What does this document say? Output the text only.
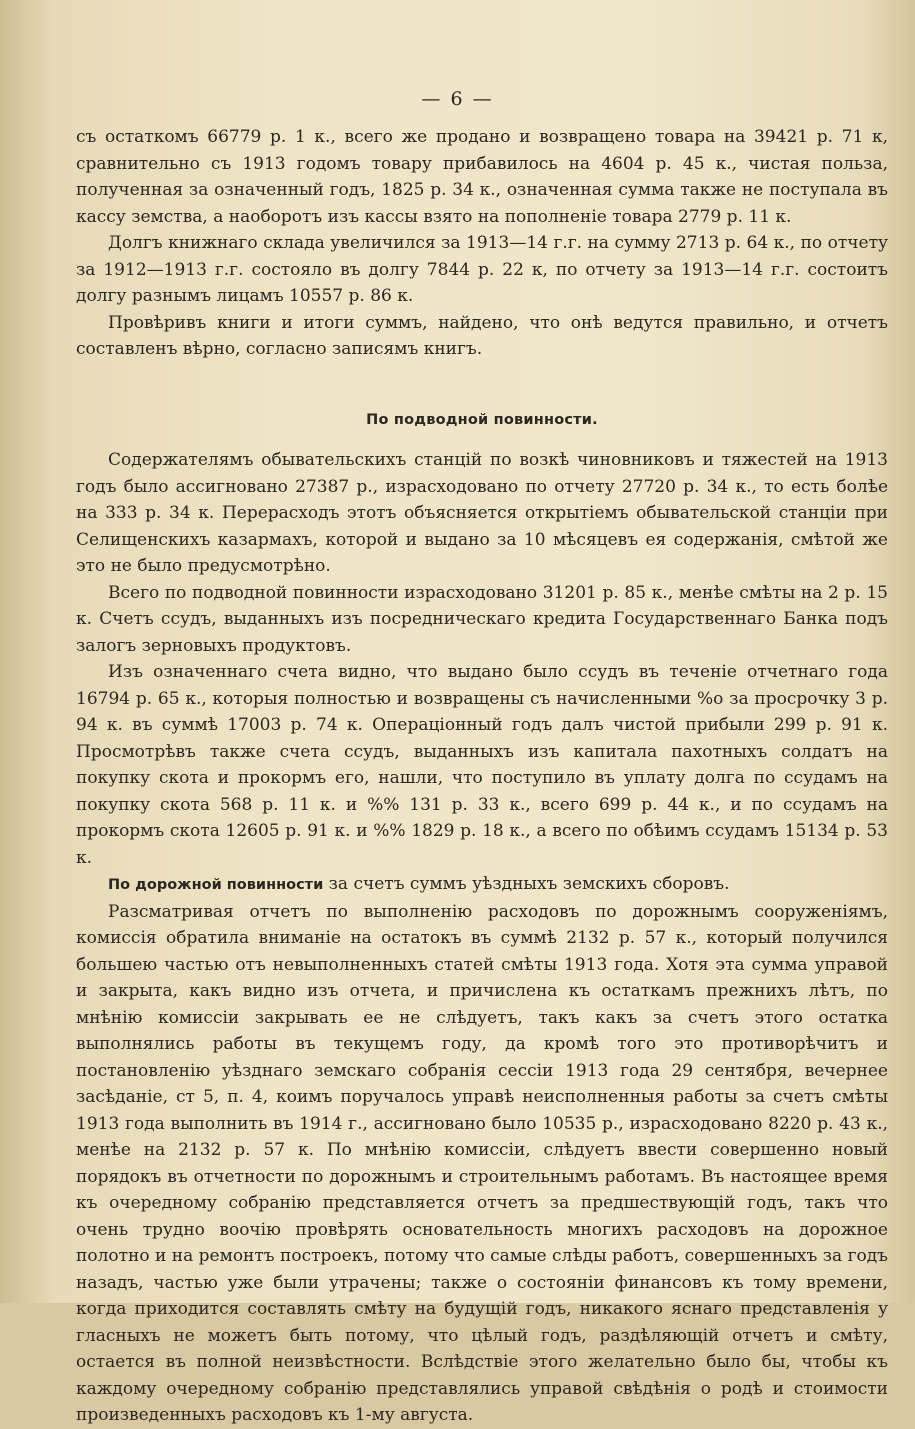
— 6 —

съ остаткомъ 66779 р. 1 к., всего же продано и возвращено товара на 39421 р. 71 к, сравнительно съ 1913 годомъ товару прибавилось на 4604 р. 45 к., чистая польза, полученная за означенный годъ, 1825 р. 34 к., означенная сумма также не поступала въ кассу земства, а наоборотъ изъ кассы взято на пополненіе товара 2779 р. 11 к.

Долгъ книжнаго склада увеличился за 1913—14 г.г. на сумму 2713 р. 64 к., по отчету за 1912—1913 г.г. состояло въ долгу 7844 р. 22 к, по отчету за 1913—14 г.г. состоитъ долгу разнымъ лицамъ 10557 р. 86 к.

Провѣривъ книги и итоги суммъ, найдено, что онѣ ведутся правильно, и отчетъ составленъ вѣрно, согласно записямъ книгъ.

По подводной повинности.

Содержателямъ обывательскихъ станцій по возкѣ чиновниковъ и тяжестей на 1913 годъ было ассигновано 27387 р., израсходовано по отчету 27720 р. 34 к., то есть болѣе на 333 р. 34 к. Перерасходъ этотъ объясняется открытіемъ обывательской станціи при Селищенскихъ казармахъ, которой и выдано за 10 мѣсяцевъ ея содержанія, смѣтой же это не было предусмотрѣно.

Всего по подводной повинности израсходовано 31201 р. 85 к., менѣе смѣты на 2 р. 15 к. Счетъ ссудъ, выданныхъ изъ посредническаго кредита Государственнаго Банка подъ залогъ зерновыхъ продуктовъ.

Изъ означеннаго счета видно, что выдано было ссудъ въ теченіе отчетнаго года 16794 р. 65 к., которыя полностью и возвращены съ начисленными %о за просрочку 3 р. 94 к. въ суммѣ 17003 р. 74 к. Операціонный годъ далъ чистой прибыли 299 р. 91 к. Просмотрѣвъ также счета ссудъ, выданныхъ изъ капитала пахотныхъ солдатъ на покупку скота и прокормъ его, нашли, что поступило въ уплату долга по ссудамъ на покупку скота 568 р. 11 к. и %% 131 р. 33 к., всего 699 р. 44 к., и по ссудамъ на прокормъ скота 12605 р. 91 к. и %% 1829 р. 18 к., а всего по обѣимъ ссудамъ 15134 р. 53 к.

По дорожной повинности за счетъ суммъ уѣздныхъ земскихъ сборовъ.

Разсматривая отчетъ по выполненію расходовъ по дорожнымъ сооруженіямъ, комиссія обратила вниманіе на остатокъ въ суммѣ 2132 р. 57 к., который получился большею частью отъ невыполненныхъ статей смѣты 1913 года. Хотя эта сумма управой и закрыта, какъ видно изъ отчета, и причислена къ остаткамъ прежнихъ лѣтъ, по мнѣнію комиссіи закрывать ее не слѣдуетъ, такъ какъ за счетъ этого остатка выполнялись работы въ текущемъ году, да кромѣ того это противорѣчитъ и постановленію уѣзднаго земскаго собранія сессіи 1913 года 29 сентября, вечернее засѣданіе, ст 5, п. 4, коимъ поручалось управѣ неисполненныя работы за счетъ смѣты 1913 года выполнить въ 1914 г., ассигновано было 10535 р., израсходовано 8220 р. 43 к., менѣе на 2132 р. 57 к. По мнѣнію комиссіи, слѣдуетъ ввести совершенно новый порядокъ въ отчетности по дорожнымъ и строительнымъ работамъ. Въ настоящее время къ очередному собранію представляется отчетъ за предшествующій годъ, такъ что очень трудно воочію провѣрять основательность многихъ расходовъ на дорожное полотно и на ремонтъ построекъ, потому что самые слѣды работъ, совершенныхъ за годъ назадъ, частью уже были утрачены; также о состояніи финансовъ къ тому времени, когда приходится составлять смѣту на будущій годъ, никакого яснаго представленія у гласныхъ не можетъ быть потому, что цѣлый годъ, раздѣляющій отчетъ и смѣту, остается въ полной неизвѣстности. Вслѣдствіе этого желательно было бы, чтобы къ каждому очередному собранію представлялись управой свѣдѣнія о родѣ и стоимости произведенныхъ расходовъ къ 1-му августа.
